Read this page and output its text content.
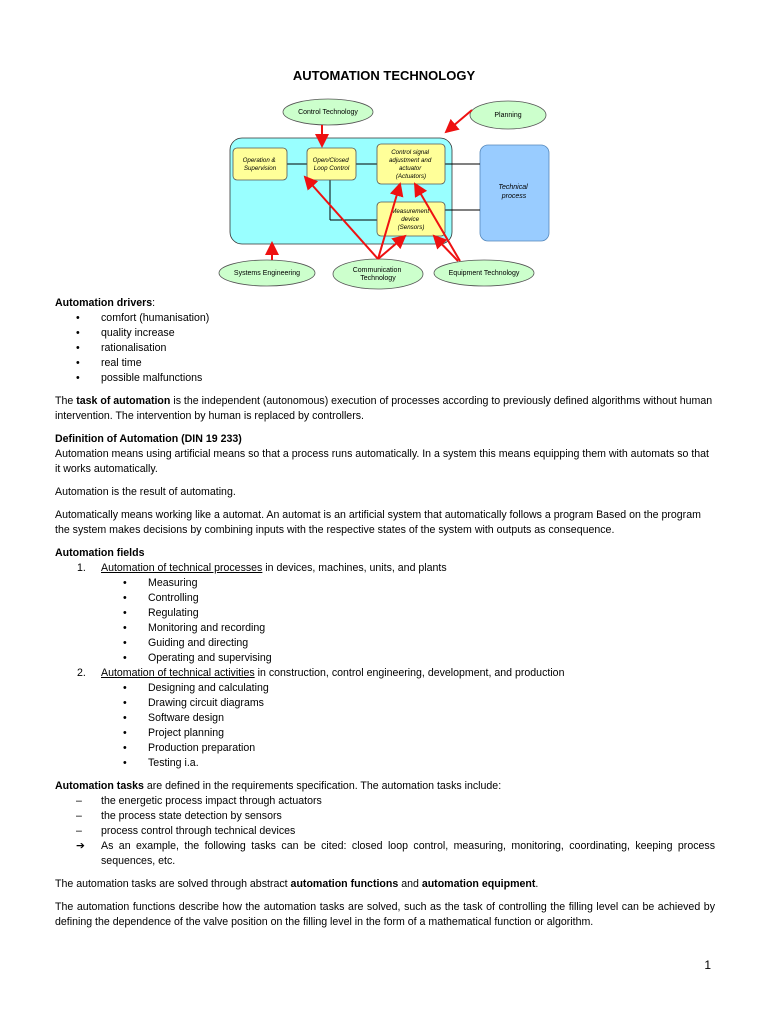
AUTOMATION TECHNOLOGY
Technical process
Operation & Supervision
Open/Closed Loop Control
Control signal adjustment and actuator (Actuators)
Measurement device (Sensors)
Control Technology	Planning
Systems Engineering	Communication Technology
Equipment Technology
Automation drivers:
• comfort (humanisation)
• quality increase
• rationalisation
• real time
• possible malfunctions

The task of automation is the independent (autonomous) execution of processes according to previously defined algorithms without human intervention. The intervention by human is replaced by controllers.

Definition of Automation (DIN 19 233)

Automation means using artificial means so that a process runs automatically. In a system this means equipping them with automats so that it works automatically.

Automation is the result of automating.

Automatically means working like a automat. An automat is an artificial system that automatically follows a program Based on the program the system makes decisions by combining inputs with the respective states of the system with outputs as consequence.

Automation fields
1. Automation of technical processes in devices, machines, units, and plants
• Measuring
• Controlling
• Regulating
• Monitoring and recording
• Guiding and directing
• Operating and supervising
2. Automation of technical activities in construction, control engineering, development, and production
• Designing and calculating
• Drawing circuit diagrams
• Software design
• Project planning
• Production preparation
• Testing i.a.
Automation tasks are defined in the requirements specification. The automation tasks include:
– the energetic process impact through actuators
– the process state detection by sensors
– process control through technical devices
➔ As an example, the following tasks can be cited: closed loop control, measuring, monitoring, coordinating, keeping process sequences, etc.

The automation tasks are solved through abstract automation functions and automation equipment.

The automation functions describe how the automation tasks are solved, such as the task of controlling the filling level can be achieved by defining the dependence of the valve position on the filling level in the form of a mathematical function or algorithm.

1
